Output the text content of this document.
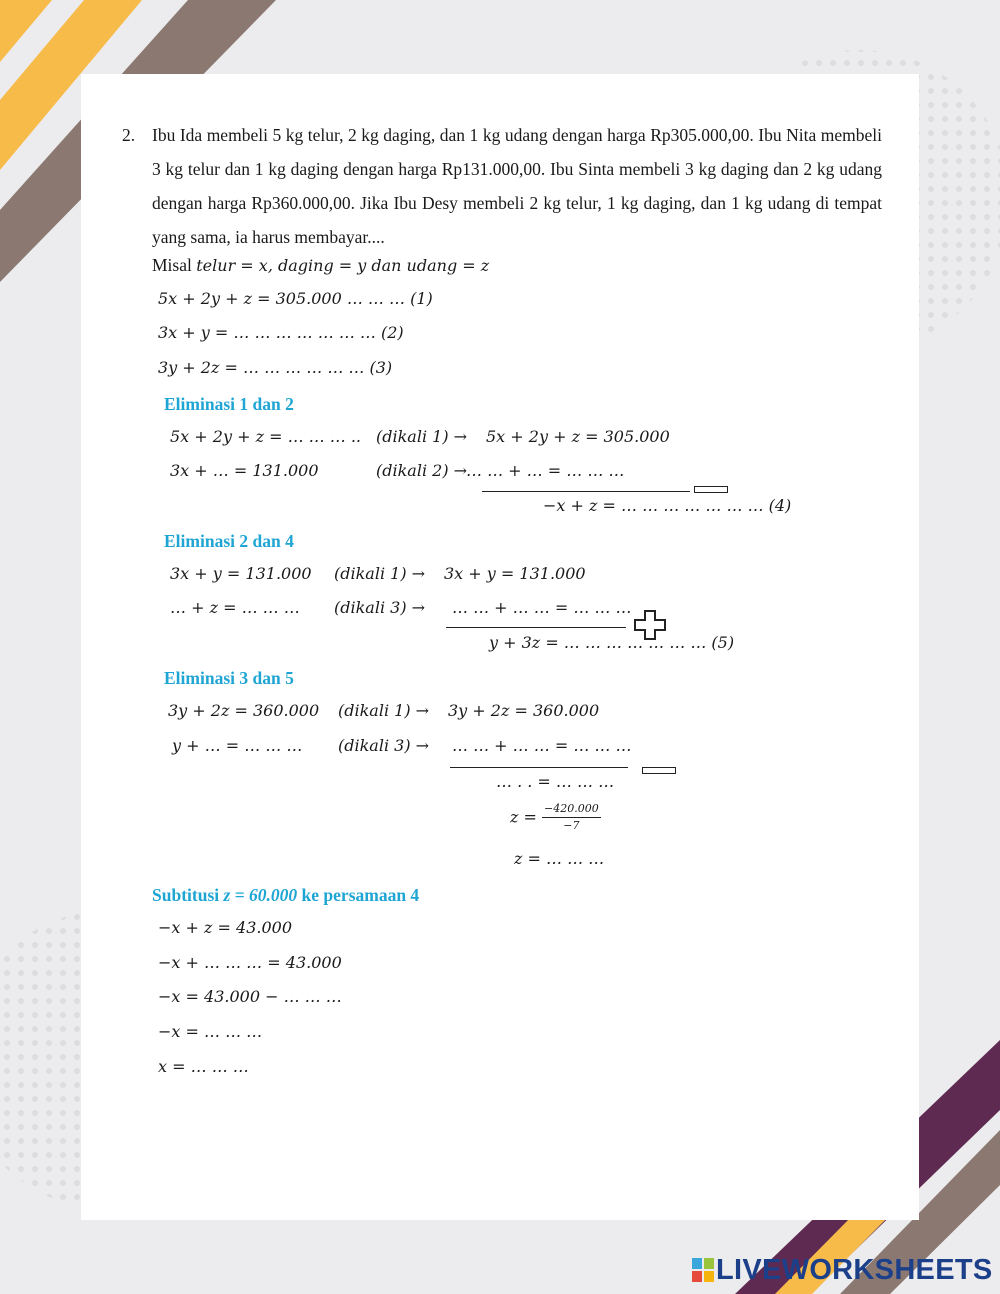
2. Ibu Ida membeli 5 kg telur, 2 kg daging, dan 1 kg udang dengan harga Rp305.000,00. Ibu Nita membeli 3 kg telur dan 1 kg daging dengan harga Rp131.000,00. Ibu Sinta membeli 3 kg daging dan 2 kg udang dengan harga Rp360.000,00. Jika Ibu Desy membeli 2 kg telur, 1 kg daging, dan 1 kg udang di tempat yang sama, ia harus membayar....
Misal telur = x, daging = y dan udang = z
5x + 2y + z = 305.000 … … … (1)
3x + y = … … … … … … … (2)
3y + 2z = … … … … … … (3)
Eliminasi 1 dan 2
5x + 2y + z = … … … .. (dikali 1) → 5x + 2y + z = 305.000
3x + … = 131.000	(dikali 2) →
… … + … = … … …
−x + z = … … … … … … … (4)
Eliminasi 2 dan 4
3x + y = 131.000 (dikali 1) → 3x + y = 131.000
… + z = … … … (dikali 3) → … … + … … = … … …
y + 3z = … … … … … … … (5)
Eliminasi 3 dan 5
3y + 2z = 360.000 (dikali 1) → 3y + 2z = 360.000
y + … = … … … (dikali 3) → … … + … … = … … …
… . . = … … …
$z = \frac{-420.000}{-7}$
z = … … …
Subtitusi z = 60.000 ke persamaan 4
−x + z = 43.000
−x + … … … = 43.000
−x = 43.000 − … … …
−x = … … …
x = … … …
LIVEWORKSHEETS
